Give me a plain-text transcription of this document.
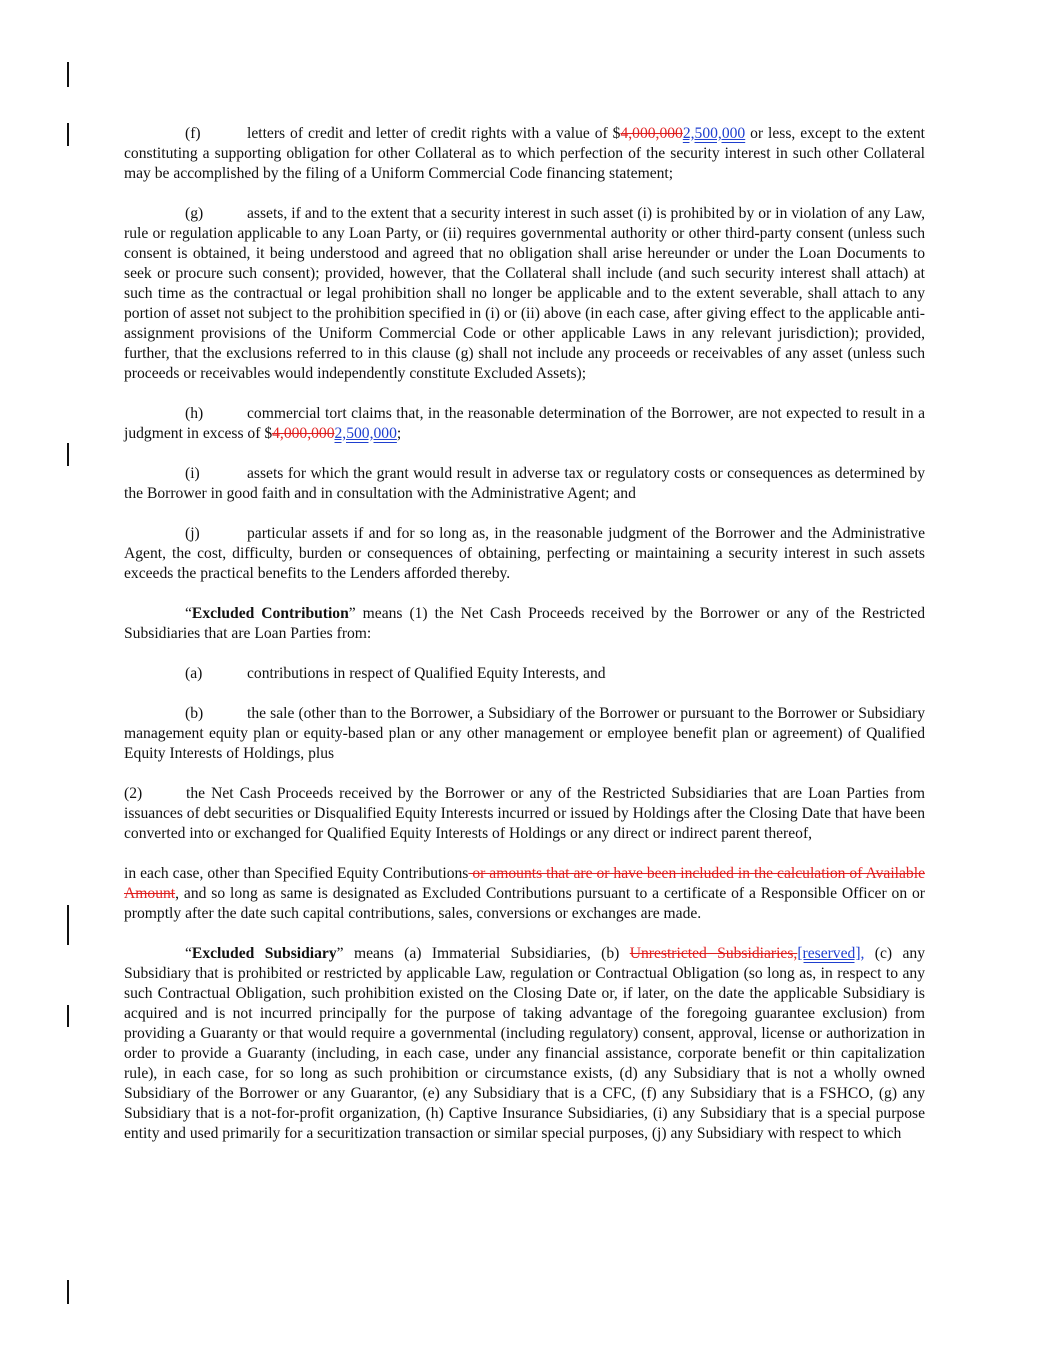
(f)	letters of credit and letter of credit rights with a value of $4,000,0002,500,000 or less, except to the extent constituting a supporting obligation for other Collateral as to which perfection of the security interest in such other Collateral may be accomplished by the filing of a Uniform Commercial Code financing statement;

(g)	assets, if and to the extent that a security interest in such asset (i) is prohibited by or in violation of any Law, rule or regulation applicable to any Loan Party, or (ii) requires governmental authority or other third-party consent (unless such consent is obtained, it being understood and agreed that no obligation shall arise hereunder or under the Loan Documents to seek or procure such consent); provided, however, that the Collateral shall include (and such security interest shall attach) at such time as the contractual or legal prohibition shall no longer be applicable and to the extent severable, shall attach to any portion of asset not subject to the prohibition specified in (i) or (ii) above (in each case, after giving effect to the applicable anti-assignment provisions of the Uniform Commercial Code or other applicable Laws in any relevant jurisdiction); provided, further, that the exclusions referred to in this clause (g) shall not include any proceeds or receivables of any asset (unless such proceeds or receivables would independently constitute Excluded Assets);

(h)	commercial tort claims that, in the reasonable determination of the Borrower, are not expected to result in a judgment in excess of $4,000,0002,500,000;

(i)	assets for which the grant would result in adverse tax or regulatory costs or consequences as determined by the Borrower in good faith and in consultation with the Administrative Agent; and

(j)	particular assets if and for so long as, in the reasonable judgment of the Borrower and the Administrative Agent, the cost, difficulty, burden or consequences of obtaining, perfecting or maintaining a security interest in such assets exceeds the practical benefits to the Lenders afforded thereby.

“Excluded Contribution” means (1) the Net Cash Proceeds received by the Borrower or any of the Restricted Subsidiaries that are Loan Parties from:

(a)	contributions in respect of Qualified Equity Interests, and

(b)	the sale (other than to the Borrower, a Subsidiary of the Borrower or pursuant to the Borrower or Subsidiary management equity plan or equity-based plan or any other management or employee benefit plan or agreement) of Qualified Equity Interests of Holdings, plus

(2)	the Net Cash Proceeds received by the Borrower or any of the Restricted Subsidiaries that are Loan Parties from issuances of debt securities or Disqualified Equity Interests incurred or issued by Holdings after the Closing Date that have been converted into or exchanged for Qualified Equity Interests of Holdings or any direct or indirect parent thereof,

in each case, other than Specified Equity Contributions or amounts that are or have been included in the calculation of Available Amount, and so long as same is designated as Excluded Contributions pursuant to a certificate of a Responsible Officer on or promptly after the date such capital contributions, sales, conversions or exchanges are made.

“Excluded Subsidiary” means (a) Immaterial Subsidiaries, (b) Unrestricted Subsidiaries,[reserved], (c) any Subsidiary that is prohibited or restricted by applicable Law, regulation or Contractual Obligation (so long as, in respect to any such Contractual Obligation, such prohibition existed on the Closing Date or, if later, on the date the applicable Subsidiary is acquired and is not incurred principally for the purpose of taking advantage of the foregoing guarantee exclusion) from providing a Guaranty or that would require a governmental (including regulatory) consent, approval, license or authorization in order to provide a Guaranty (including, in each case, under any financial assistance, corporate benefit or thin capitalization rule), in each case, for so long as such prohibition or circumstance exists, (d) any Subsidiary that is not a wholly owned Subsidiary of the Borrower or any Guarantor, (e) any Subsidiary that is a CFC, (f) any Subsidiary that is a FSHCO, (g) any Subsidiary that is a not-for-profit organization, (h) Captive Insurance Subsidiaries, (i) any Subsidiary that is a special purpose entity and used primarily for a securitization transaction or similar special purposes, (j) any Subsidiary with respect to which
